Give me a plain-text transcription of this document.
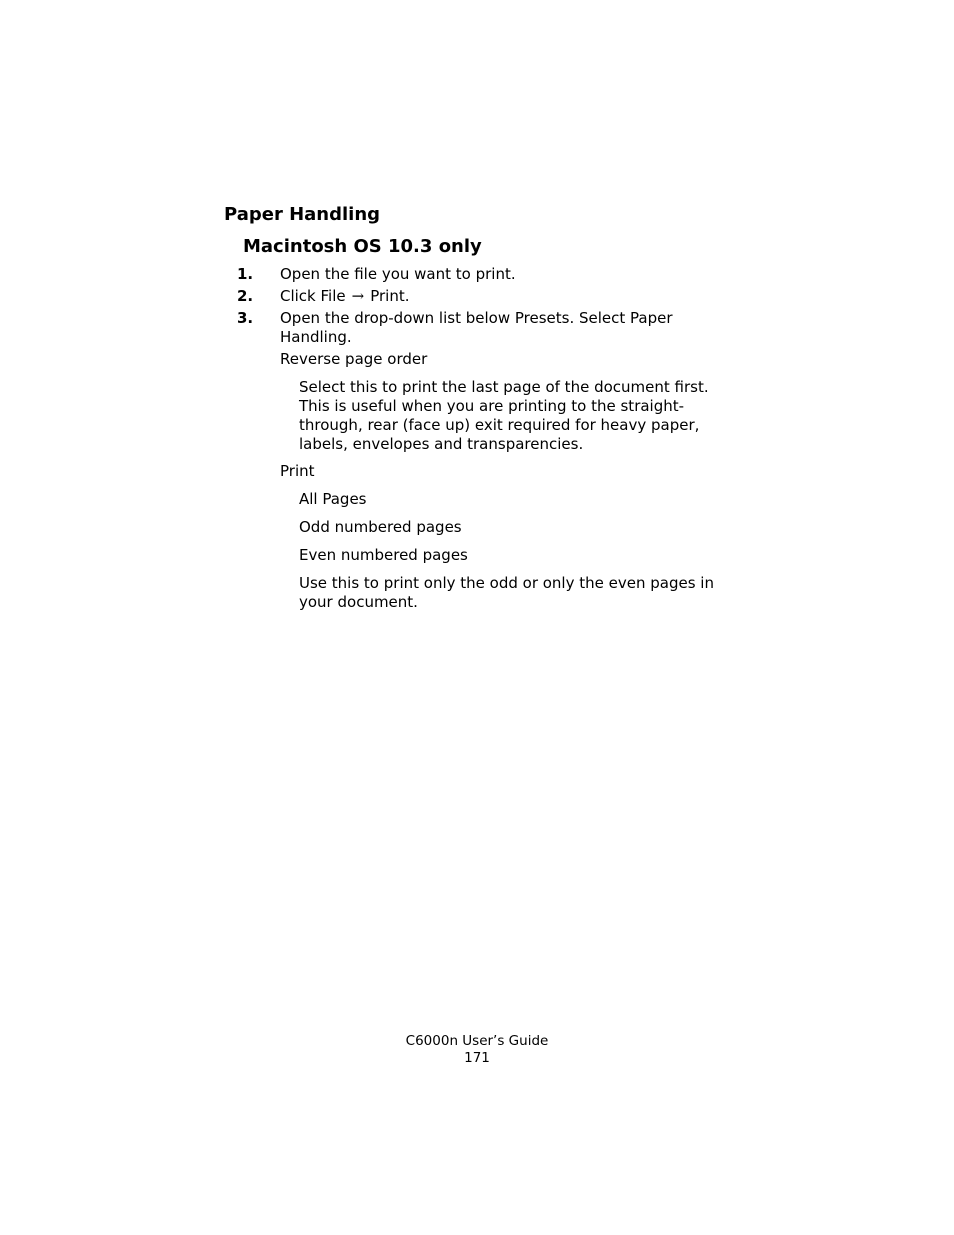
Paper Handling
Macintosh OS 10.3 only
1. Open the file you want to print.
2. Click File → Print.
3. Open the drop-down list below Presets. Select Paper Handling.
Reverse page order
Select this to print the last page of the document first. This is useful when you are printing to the straight-through, rear (face up) exit required for heavy paper, labels, envelopes and transparencies.
Print
All Pages
Odd numbered pages
Even numbered pages
Use this to print only the odd or only the even pages in your document.
C6000n User’s Guide
171
